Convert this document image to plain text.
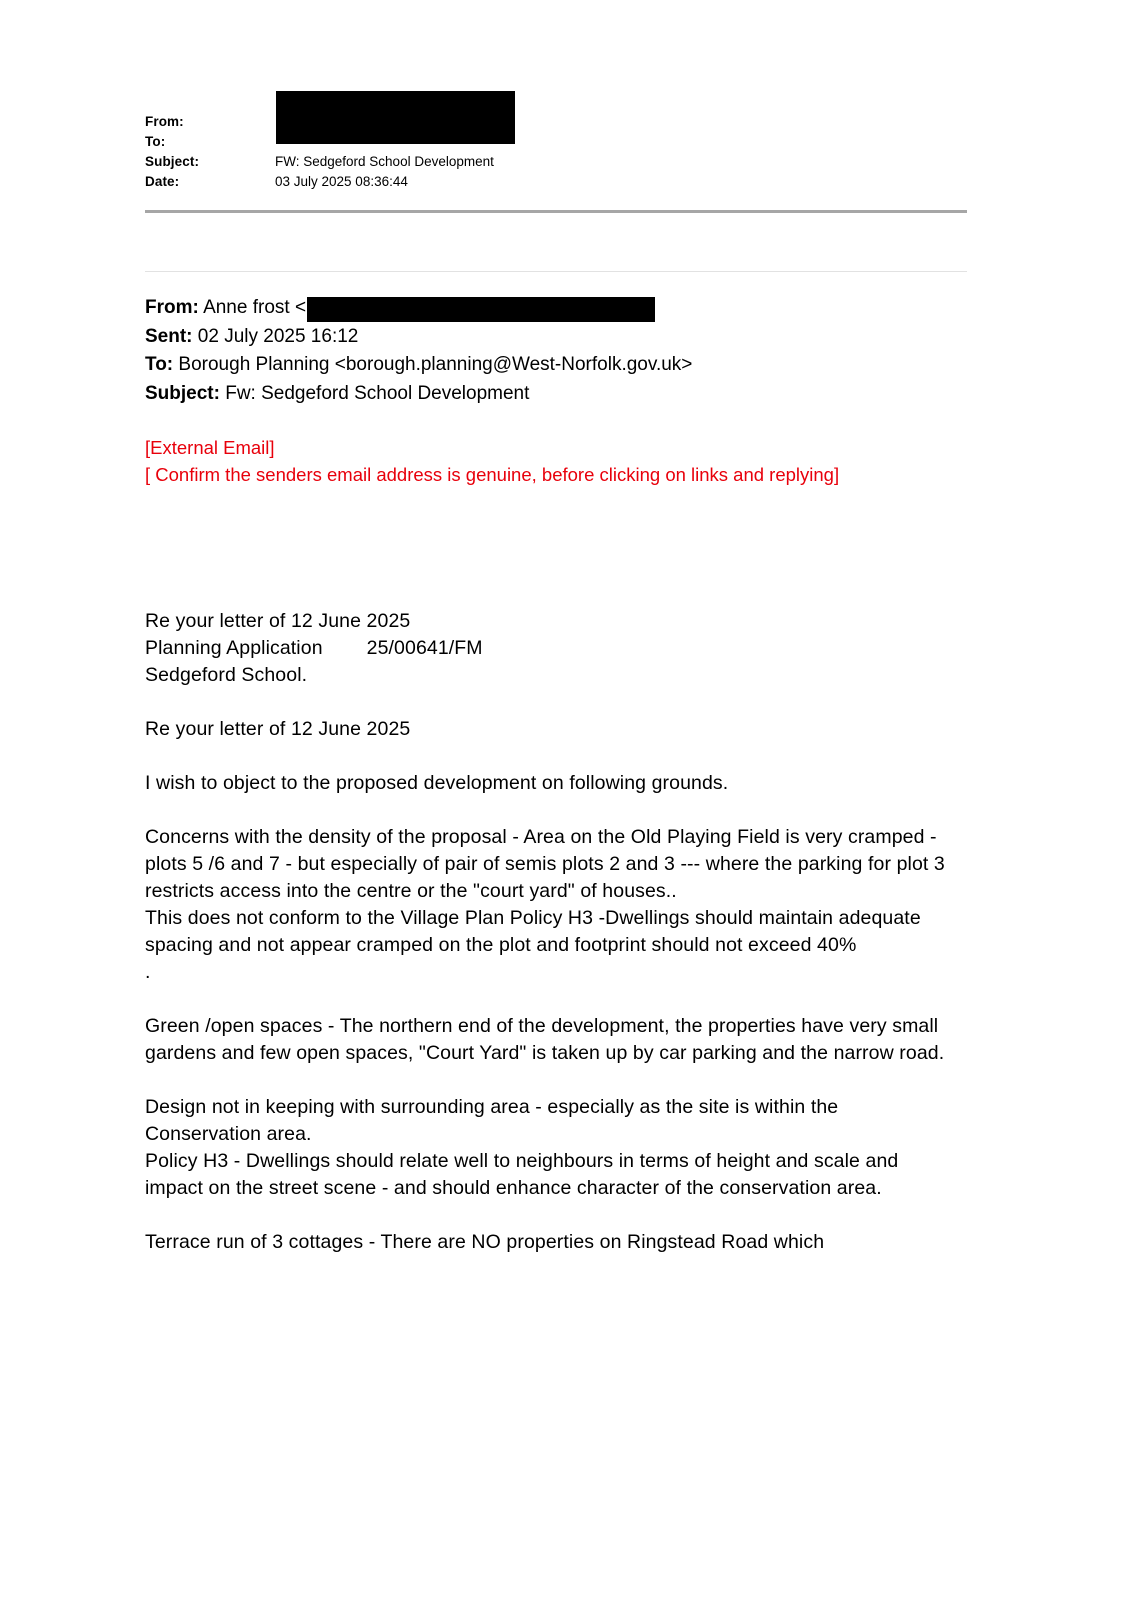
From:
To:
Subject:	FW: Sedgeford School Development
Date:	03 July 2025 08:36:44
From: Anne frost <
Sent: 02 July 2025 16:12
To: Borough Planning <borough.planning@West-Norfolk.gov.uk>
Subject: Fw: Sedgeford School Development
[External Email]
[ Confirm the senders email address is genuine, before clicking on links and replying]
Re your letter of 12 June 2025
Planning Application 25/00641/FM
Sedgeford School.

Re your letter of 12 June 2025

I wish to object to the proposed development on following grounds.

Concerns with the density of the proposal - Area on the Old Playing Field is very cramped -
plots 5 /6 and 7 - but especially of pair of semis plots 2 and 3 --- where the parking for plot 3
restricts access into the centre or the "court yard" of houses..
This does not conform to the Village Plan Policy H3 -Dwellings should maintain adequate
spacing and not appear cramped on the plot and footprint should not exceed 40%
.
Green /open spaces - The northern end of the development, the properties have very small
gardens and few open spaces, "Court Yard" is taken up by car parking and the narrow road.
Design not in keeping with surrounding area - especially as the site is within the
Conservation area.
Policy H3 - Dwellings should relate well to neighbours in terms of height and scale and
impact on the street scene - and should enhance character of the conservation area.
Terrace run of 3 cottages - There are NO properties on Ringstead Road which
